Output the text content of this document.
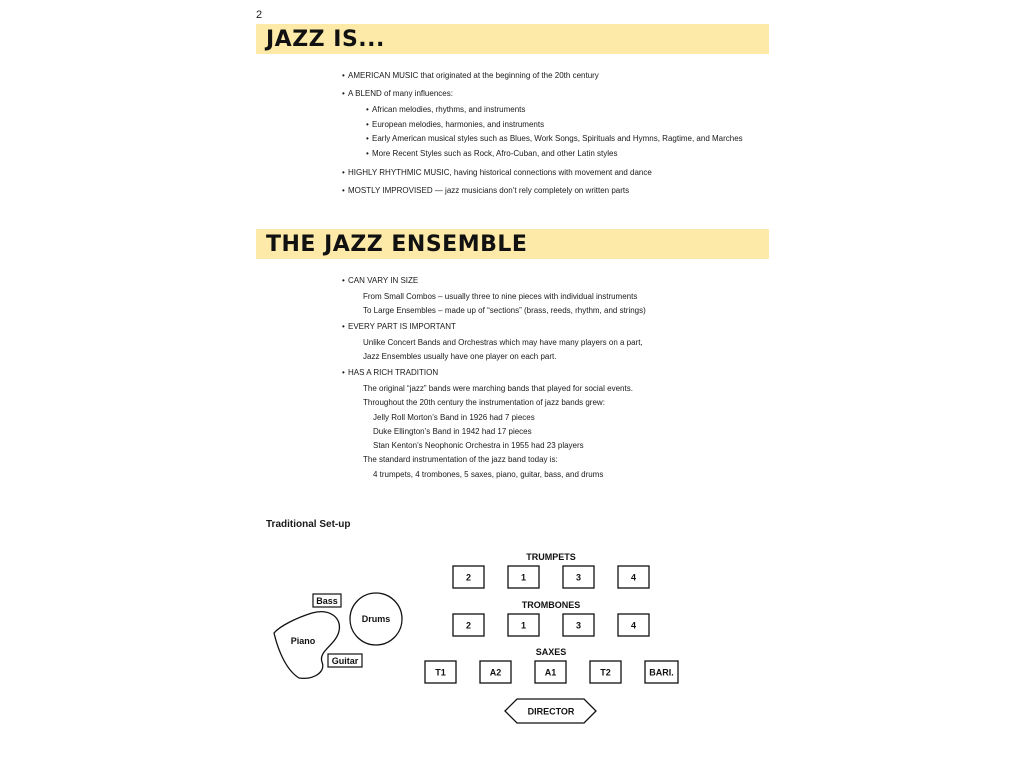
2
JAZZ IS...
• AMERICAN MUSIC that originated at the beginning of the 20th century
• A BLEND of many influences:
• African melodies, rhythms, and instruments
• European melodies, harmonies, and instruments
• Early American musical styles such as Blues, Work Songs, Spirituals and Hymns, Ragtime, and Marches
• More Recent Styles such as Rock, Afro-Cuban, and other Latin styles
• HIGHLY RHYTHMIC MUSIC, having historical connections with movement and dance
• MOSTLY IMPROVISED — jazz musicians don’t rely completely on written parts
THE JAZZ ENSEMBLE
• CAN VARY IN SIZE
From Small Combos – usually three to nine pieces with individual instruments
To Large Ensembles – made up of “sections” (brass, reeds, rhythm, and strings)
• EVERY PART IS IMPORTANT
Unlike Concert Bands and Orchestras which may have many players on a part,
Jazz Ensembles usually have one player on each part.
• HAS A RICH TRADITION
The original “jazz” bands were marching bands that played for social events.
Throughout the 20th century the instrumentation of jazz bands grew:
Jelly Roll Morton’s Band in 1926 had 7 pieces
Duke Ellington’s Band in 1942 had 17 pieces
Stan Kenton’s Neophonic Orchestra in 1955 had 23 players
The standard instrumentation of the jazz band today is:
4 trumpets, 4 trombones, 5 saxes, piano, guitar, bass, and drums
Traditional Set-up
TRUMPETS
2	1	3	4
TROMBONES
2	1	3	4
SAXES
T1	A2	A1	T2	BARI.
DIRECTOR
Bass
Drums
Piano
Guitar
